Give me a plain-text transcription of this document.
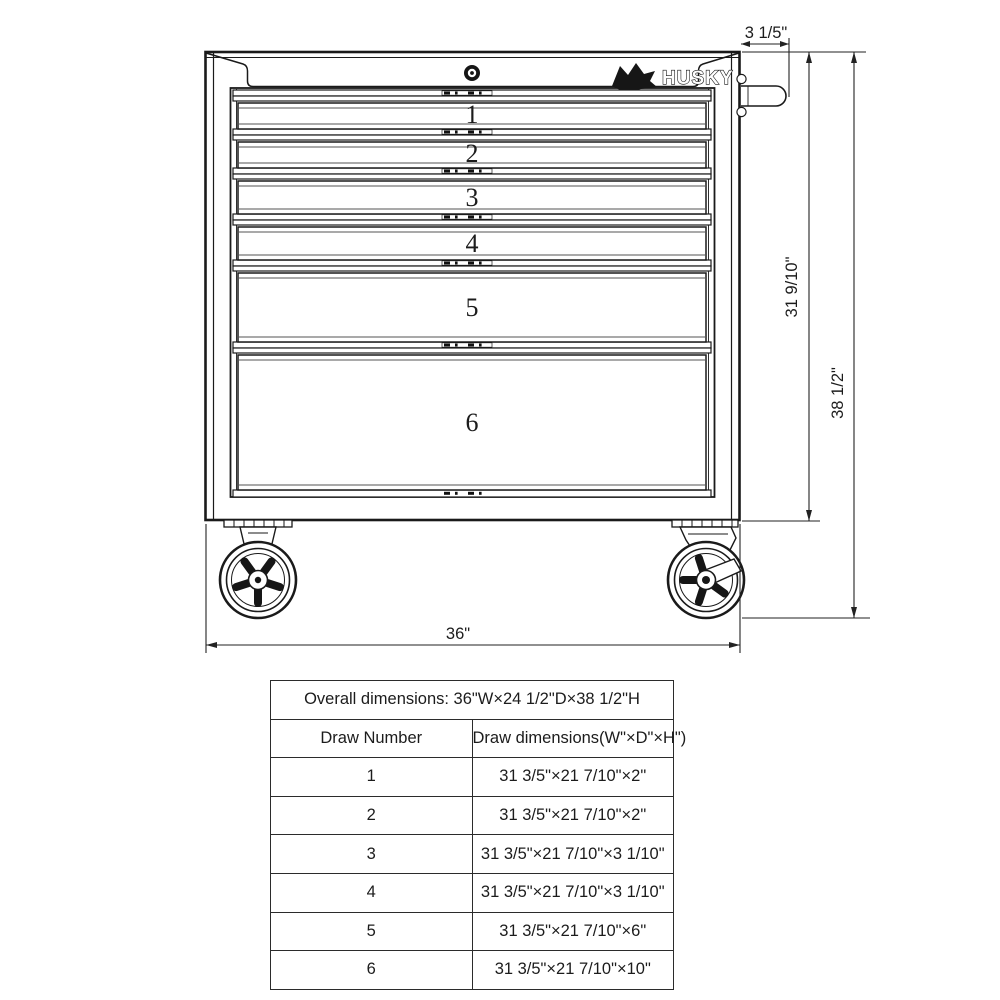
HUSKY
1
2
3
4
5
6
3 1/5"
31 9/10"
38 1/2"
36"
Overall dimensions: 36"W×24 1/2"D×38 1/2"H	
Draw Number	Draw dimensions(W"×D"×H")
1	31 3/5"×21 7/10"×2"
2	31 3/5"×21 7/10"×2"
3	31 3/5"×21 7/10"×3 1/10"
4	31 3/5"×21 7/10"×3 1/10"
5	31 3/5"×21 7/10"×6"
6	31 3/5"×21 7/10"×10"
